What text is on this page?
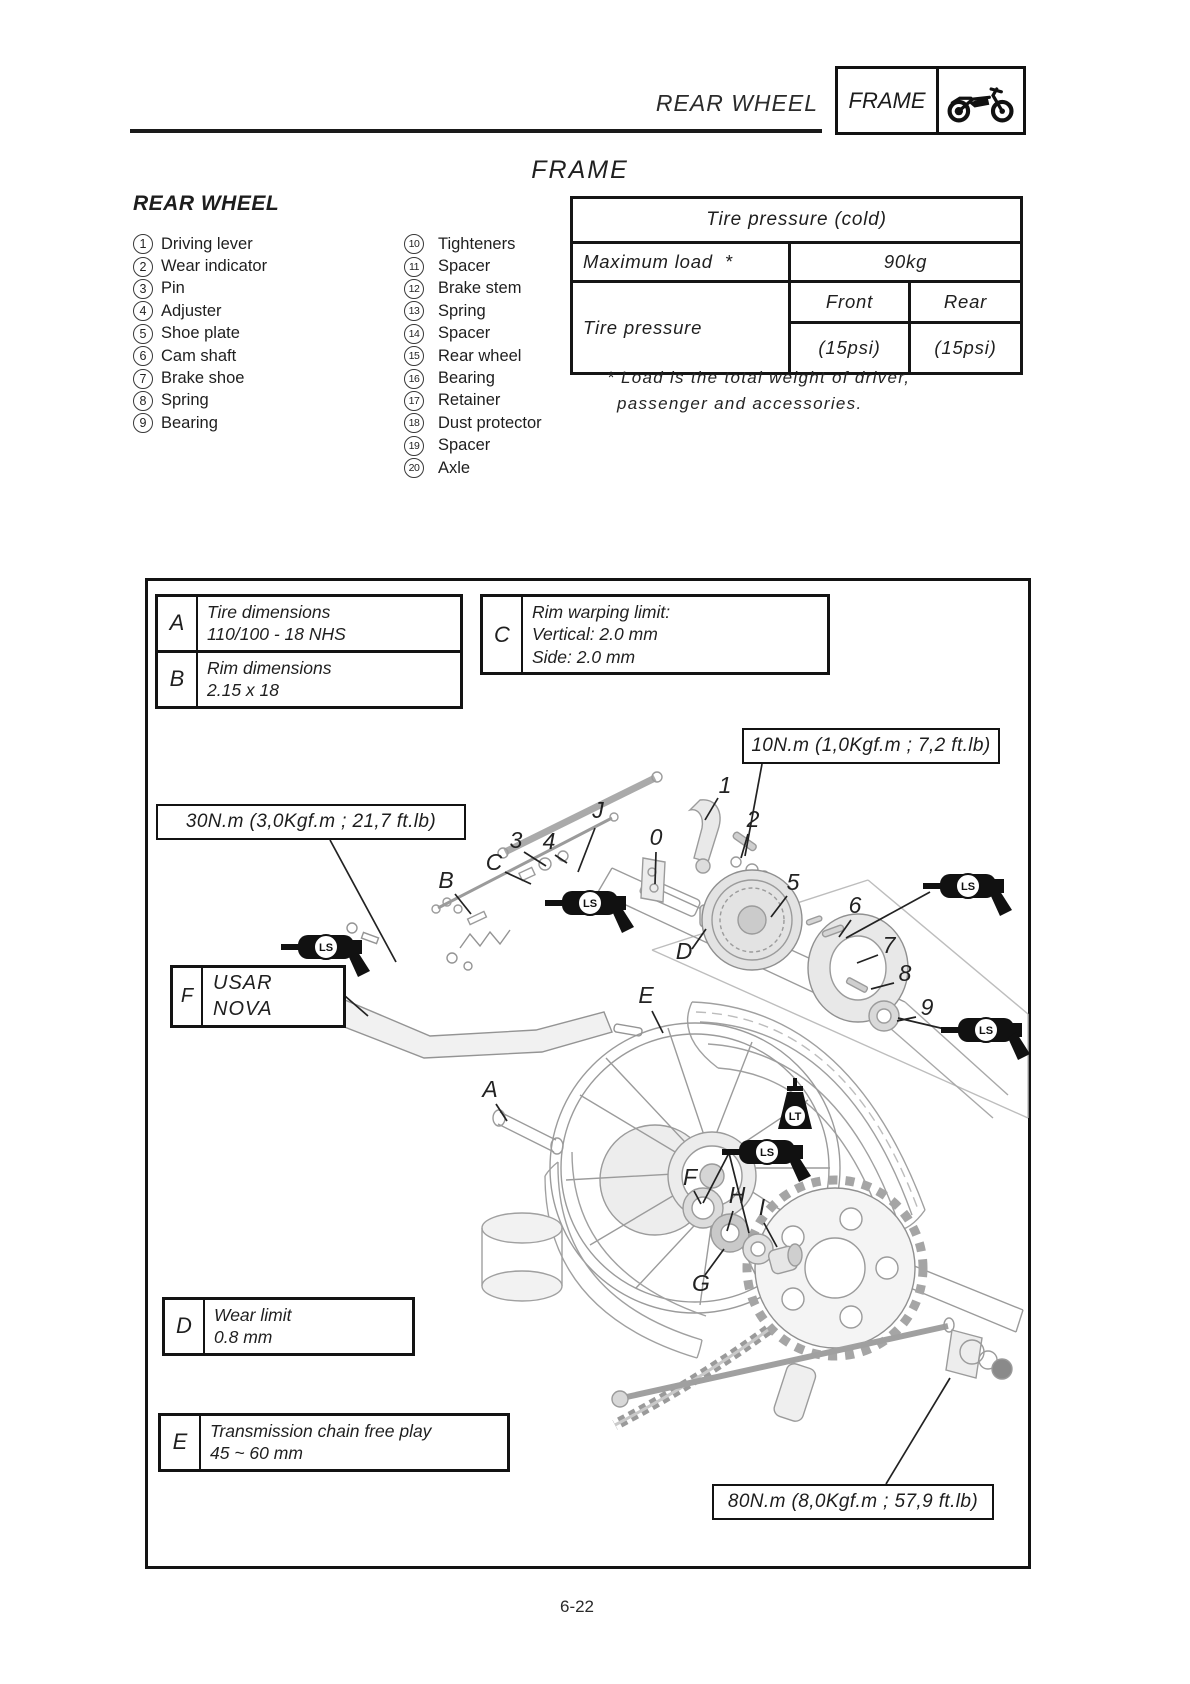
REAR WHEEL	FRAME
FRAME
REAR WHEEL
1 Driving lever
2 Wear indicator
3 Pin
4 Adjuster
5 Shoe plate
6 Cam shaft
7 Brake shoe
8 Spring
9 Bearing
10 Tighteners
11	Spacer
12 Brake stem
13 Spring
14 Spacer
15 Rear wheel
16 Bearing
17 Retainer
18 Dust protector
19 Spacer
20 Axle
Tire pressure (cold)		
Maximum load *	90kg	
Tire pressure	Front	Rear
	(15psi)	(15psi)
* Load is the total weight of driver,
passenger and accessories.
J
3 4
C
B
0
1
2
5
6
7
8
9
D
E
A
F
H I
G
LS
LS
LS
LS
LS
LT
A	Tire dimensions
110/100 - 18 NHS
B	Rim dimensions
2.15 x 18
C
Rim warping limit:
Vertical: 2.0 mm
Side: 2.0 mm
F
USAR NOVA
D	Wear limit
0.8 mm
E	Transmission chain free play
45 ~ 60 mm
10N.m (1,0Kgf.m ; 7,2 ft.lb)
30N.m (3,0Kgf.m ; 21,7 ft.lb)
80N.m (8,0Kgf.m ; 57,9 ft.lb)
6-22
